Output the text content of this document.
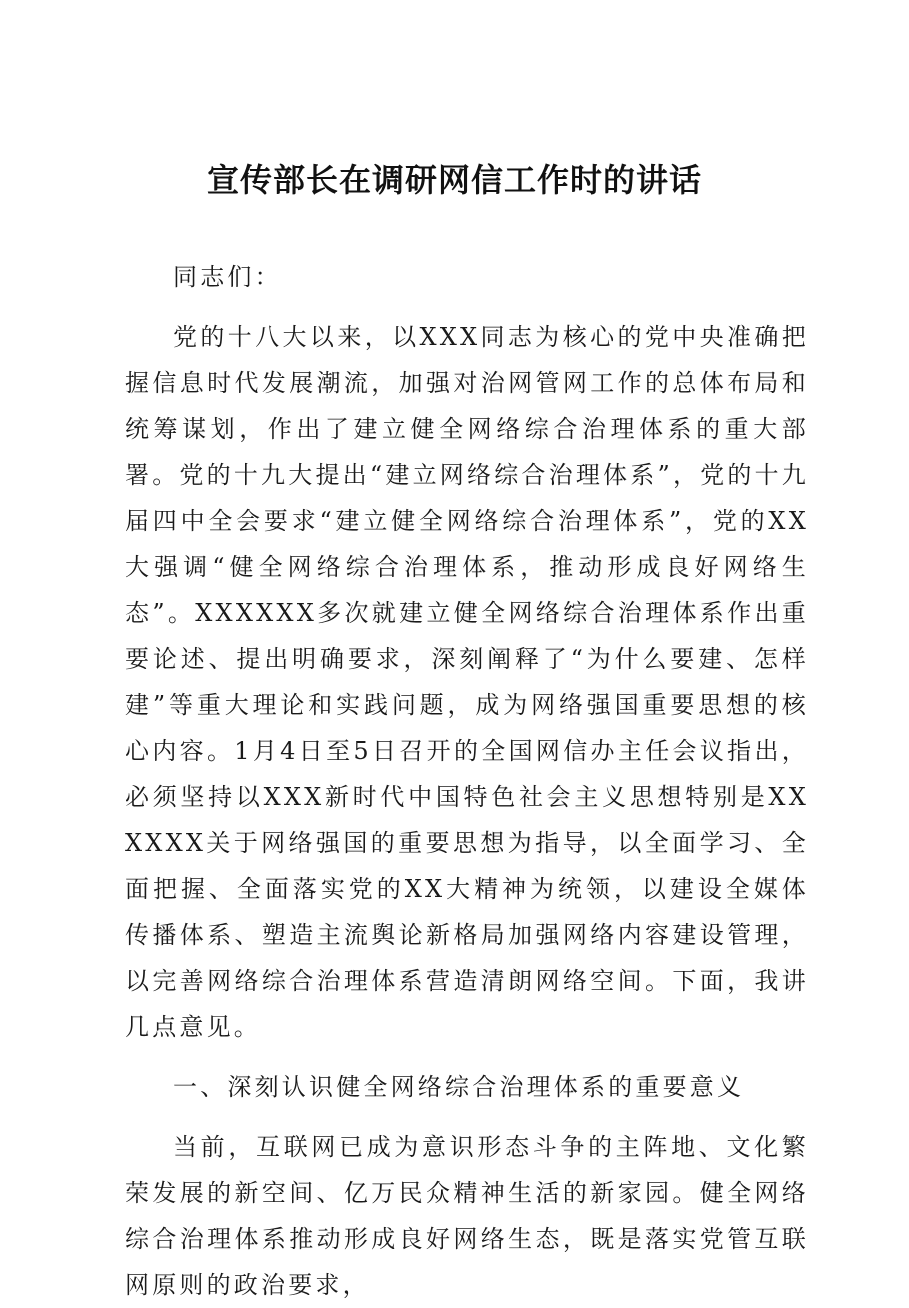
宣传部长在调研网信工作时的讲话

同志们：

党的十八大以来，以XXX同志为核心的党中央准确把握信息时代发展潮流，加强对治网管网工作的总体布局和统筹谋划，作出了建立健全网络综合治理体系的重大部署。党的十九大提出“建立网络综合治理体系”，党的十九届四中全会要求“建立健全网络综合治理体系”，党的XX大强调“健全网络综合治理体系，推动形成良好网络生态”。XXXXXX多次就建立健全网络综合治理体系作出重要论述、提出明确要求，深刻阐释了“为什么要建、怎样建”等重大理论和实践问题，成为网络强国重要思想的核心内容。1月4日至5日召开的全国网信办主任会议指出，必须坚持以XXX新时代中国特色社会主义思想特别是XXXXXX关于网络强国的重要思想为指导，以全面学习、全面把握、全面落实党的XX大精神为统领，以建设全媒体传播体系、塑造主流舆论新格局加强网络内容建设管理，以完善网络综合治理体系营造清朗网络空间。下面，我讲几点意见。

一、深刻认识健全网络综合治理体系的重要意义

当前，互联网已成为意识形态斗争的主阵地、文化繁荣发展的新空间、亿万民众精神生活的新家园。健全网络综合治理体系推动形成良好网络生态，既是落实党管互联网原则的政治要求，
